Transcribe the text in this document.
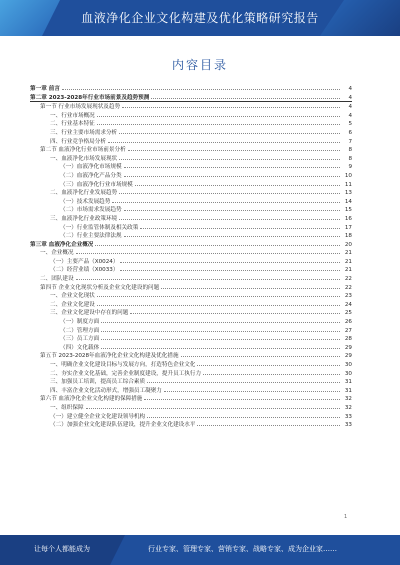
血液净化企业文化构建及优化策略研究报告
内容目录
第一章 前言	4
第二章 2023-2028年行业市场前景及趋势预测	4
第一节 行业市场发展现状及趋势	4
一、行业市场概况	4
二、行业基本特征	5
三、行业主要市场需求分析	6
四、行业竞争格局分析	7
第二节 血液净化行业市场前景分析	8
一、血液净化市场发展现状	8
（一）血液净化市场规模	9
（二）血液净化产品分类	10
（三）血液净化行业市场规模	11
二、血液净化行业发展趋势	13
（一）技术发展趋势	14
（二）市场需求发展趋势	15
三、血液净化行业政策环境	16
（一）行业监管体制及相关政策	17
（二）行业主要法律法规	18
第三章 血液净化企业概况	20
一、企业概况	21
（一）主要产品（X0024）	21
（二）经营业绩（X0033）	21
二、团队建设	22
第四节 企业文化现状分析及企业文化建设的问题	22
一、企业文化现状	23
二、企业文化建设	24
三、企业文化建设中存在的问题	25
（一）制度方面	26
（二）管理方面	27
（三）员工方面	28
（四）文化载体	29
第五节 2023-2028年血液净化企业文化构建及优化措施	29
一、明确企业文化建设目标与发展方向，打造特色企业文化	30
二、夯实企业文化基础，完善企业制度建设，提升员工执行力	30
三、加强员工培训，提高员工综合素质	31
四、丰富企业文化活动形式，增强员工凝聚力	31
第六节 血液净化企业文化构建的保障措施	32
一、组织保障	32
（一）建立健全企业文化建设领导机构	33
（二）加强企业文化建设队伍建设，提升企业文化建设水平	33
1
让每个人都能成为	行业专家、管理专家、营销专家、战略专家、成为企业家……
